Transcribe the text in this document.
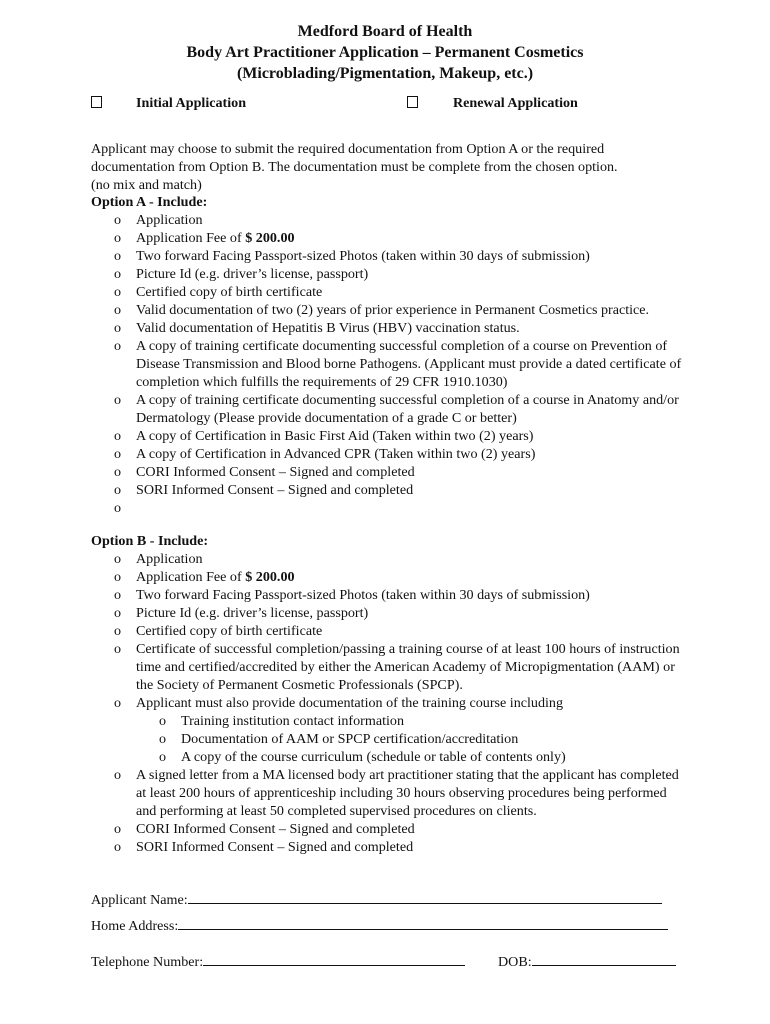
Medford Board of Health
Body Art Practitioner Application – Permanent Cosmetics
(Microblading/Pigmentation, Makeup, etc.)
Initial Application	Renewal Application

Applicant may choose to submit the required documentation from Option A or the required

documentation from Option B. The documentation must be complete from the chosen option.

(no mix and match)

Option A - Include:
o Application
o Application Fee of $ 200.00
o Two forward Facing Passport-sized Photos (taken within 30 days of submission)
o Picture Id (e.g. driver’s license, passport)
o Certified copy of birth certificate
o Valid documentation of two (2) years of prior experience in Permanent Cosmetics practice.
o Valid documentation of Hepatitis B Virus (HBV) vaccination status.
o A copy of training certificate documenting successful completion of a course on Prevention of Disease Transmission and Blood borne Pathogens. (Applicant must provide a dated certificate of completion which fulfills the requirements of 29 CFR 1910.1030)
o A copy of training certificate documenting successful completion of a course in Anatomy and/or Dermatology (Please provide documentation of a grade C or better)
o A copy of Certification in Basic First Aid (Taken within two (2) years)
o A copy of Certification in Advanced CPR (Taken within two (2) years)
o CORI Informed Consent – Signed and completed
o SORI Informed Consent – Signed and completed
o

Option B - Include:
o Application
o Application Fee of $ 200.00
o Two forward Facing Passport-sized Photos (taken within 30 days of submission)
o Picture Id (e.g. driver’s license, passport)
o Certified copy of birth certificate
o Certificate of successful completion/passing a training course of at least 100 hours of instruction time and certified/accredited by either the American Academy of Micropigmentation (AAM) or the Society of Permanent Cosmetic Professionals (SPCP).
o Applicant must also provide documentation of the training course including
o Training institution contact information
o Documentation of AAM or SPCP certification/accreditation
o A copy of the course curriculum (schedule or table of contents only)
o A signed letter from a MA licensed body art practitioner stating that the applicant has completed at least 200 hours of apprenticeship including 30 hours observing procedures being performed and performing at least 50 completed supervised procedures on clients.
o CORI Informed Consent – Signed and completed
o SORI Informed Consent – Signed and completed
Applicant Name:
Home Address:
Telephone Number:	DOB:
